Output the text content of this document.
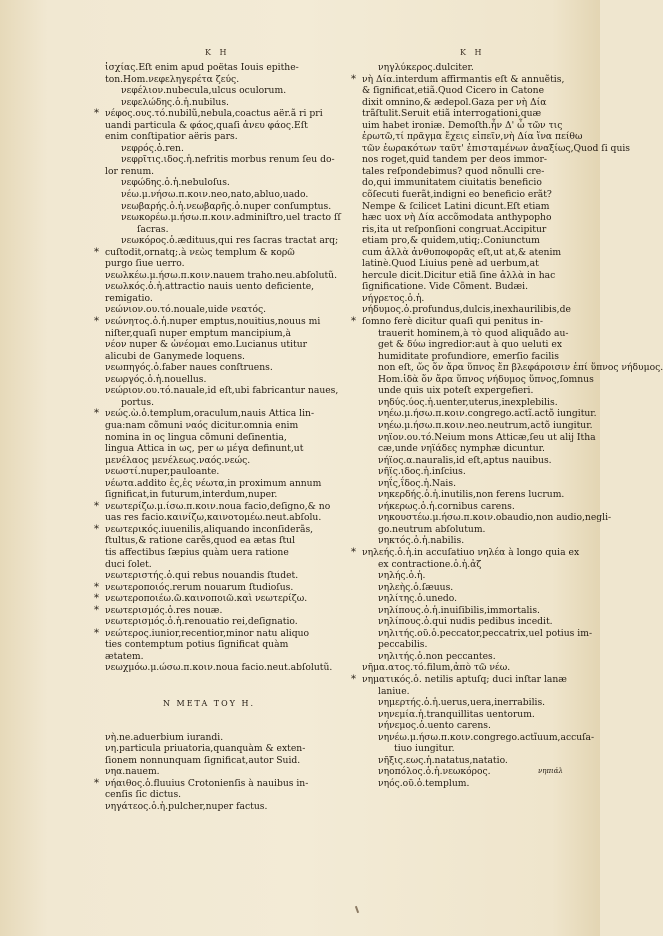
K H	K H
ἰσχίας.Eſt enim apud poëtas Iouis epithe-
ton.Hom.νεφεληγερέτα ζεύς.
νεφέλιον.nubecula,ulcus oculorum.
νεφελώδης.ὁ.ἡ.nubilus.
* νέφος.ους.τό.nubilũ,nebula,coactus aër.ã ri pri
uandi particula & φάος,quaſi ἀνευ φάος.Eſt
enim conſtipatior aëris pars.
νεφρός.ὁ.ren.
νεφρῖτις.ιδος.ἡ.nefritis morbus renum ſeu do-
lor renum.
νεφώδης.ὁ.ἡ.nebuloſus.
νέω.μ.νήσω.π.κοιν.neo,nato,abluo,uado.
νεωβαρής.ὁ.ἡ.νεωβαρῆς.ὁ.nuper conſumptus.
νεωκορέω.μ.ήσω.π.κοιν.adminiſtro,uel tracto ſſ
ſacras.
νεωκόρος.ὁ.ædituus,qui res ſacras tractat arq;
* cuſtodit,ornatq;.à νεὼς templum & κορῶ
purgo ſiue uerro.
νεωλκέω.μ.ήσω.π.κοιν.nauem traho.neu.abſolutũ.
νεωλκός.ὁ.ἡ.attractio nauis uento deficiente,
remigatio.
νεώνιον.ου.τό.nouale,uide νεατός.
* νεώνητος.ὁ.ἡ.nuper emptus,nouitius,nouus mi
niſter,quaſi nuper emptum mancipium,à
νέον nuper & ὠνέομαι emo.Lucianus utitur
alicubi de Ganymede loquens.
νεωπηγός.ὁ.faber naues conſtruens.
νεωργός.ὁ.ἡ.nouellus.
νεώριον.ου.τό.nauale,id eſt,ubi fabricantur naues,
portus.
* νεώς.ὼ.ὁ.templum,oraculum,nauis Attica lin-
gua:nam cõmuni ναός dicitur.omnia enim
nomina in ος lingua cõmuni deſinentia,
lingua Attica in ως, per ω μέγα definunt,ut
μενέλαος μενέλεως.ναός.νεώς.
νεωστί.nuper,pauloante.
νέωτα.addito ἐς,ἐς νέωτα,in proximum annum
ſignificat,in futurum,interdum,nuper.
* νεωτερίζω.μ.ίσω.π.κοιν.noua facio,deſigno,& no
uas res facio.καινίζω,καινοτομέω.neut.abſolu.
* νεωτερικός.iuuenilis,aliquando inconſiderãs,
ſtultus,& ratione carẽs,quod ea ætas ſtul
tis affectibus ſæpius quàm uera ratione
duci ſolet.
νεωτεριστής.ὁ.qui rebus nouandis ſtudet.
* νεωτεροποιός.rerum nouarum ſtudioſus.
* νεωτεροποιέω.ῶ.καινοποιῶ.καὶ νεωτερίζω.
* νεωτερισμός.ὁ.res nouæ.
νεωτερισμός.ὁ.ἡ.renouatio rei,deſignatio.
* νεώτερος.iunior,recentior,minor natu aliquo
ties contemptum potius ſignificat quàm
ætatem.
νεωχμόω.μ.ώσω.π.κοιν.noua facio.neut.abſolutũ.
N META TOY H.
νὴ.ne.aduerbium iurandi.
νη.particula priuatoria,quanquàm & exten-
ſionem nonnunquam ſignificat,autor Suid.
νηα.nauem.
* νήαιθος.ὁ.fluuius Crotonienſis à nauibus in-
cenſis ſic dictus.
νηγάτεος.ὁ.ἡ.pulcher,nuper factus.
νηγλύκερος.dulciter.
* νὴ Δία.interdum affirmantis eſt & annuẽtis,
& ſignificat,etiã.Quod Cicero in Catone
dixit omnino,& ædepol.Gaza per νὴ Δία
trãſtulit.Seruit etiã interrogationi,quæ
uim habet ironiæ. Demoſth.ἦν Δ' ὦ τῶν τις
ἐρωτῶ,τί πρᾶγμα ἔχεις εἰπεῖν,νὴ Δία ἵνα πείθω
τῶν ἐωρακότων ταῦτ' ἐπισταμένων ἀναξίως,Quod ſi quis
nos roget,quid tandem per deos immor-
tales reſpondebimus? quod nõnulli cre-
do,qui immunitatem ciuitatis beneficio
cõſecuti fuerãt,indigni eo beneficio erãt?
Nempe & ſcilicet Latini dicunt.Eſt etiam
hæc uox νὴ Δία accõmodata anthypopho
ris,ita ut reſponſioni congruat.Accipitur
etiam pro,& quidem,utiq;.Coniunctum
cum ἀλλὰ ἀνθυποφορᾶς eſt,ut at,& atenim
latinè.Quod Liuius penè ad uerbum,at
hercule dicit.Dicitur etiã ſine ἀλλὰ in hac
ſignificatione. Vide Cõment. Budæi.
νήγρετος.ὁ.ἡ.
νήδυμος.ὁ.profundus,dulcis,inexhaurilibis,de
* ſomno ferè dicitur quaſi qui penitus in-
trauerit hominem,à τὸ quod aliquãdo au-
get & δύω ingredior:aut à quo ueluti ex
humiditate profundiore, emerſio facilis
non eſt, ὥς ὅν ἄρα ὕπνος ἔπ βλεφάροισιν ἐπί ὕπνος νήδυμος.
Hom.ἰδὰ ὅν ἄρα ὕπνος νήδυμος ὕπνος,ſomnus
unde quis uix poteſt expergefieri.
νηδύς.ύος.ἡ.uenter,uterus,inexplebilis.
νηέω.μ.ήσω.π.κοιν.congrego.actĩ.actõ iungitur.
νηέω.μ.ήσω.π.κοιν.neo.neutrum,actõ iungitur.
νηϊον.ου.τό.Neium mons Atticæ,ſeu ut alij Itha
cæ,unde νηϊάδες nymphæ dicuntur.
νήϊος.α.nauralis,id eſt,aptus nauibus.
νῆϊς.ιδος.ἡ.inſcius.
νηΐς,ΐδος.ἡ.Nais.
νηκερδής.ὁ.ἡ.inutilis,non ferens lucrum.
νήκερως.ὁ.ἡ.cornibus carens.
νηκουστέω.μ.ήσω.π.κοιν.obaudio,non audio,negli-
go.neutrum abſolutum.
νηκτός.ὁ.ἡ.nabilis.
* νηλεής.ὁ.ἡ.in accuſatiuo νηλέα à longo quia ex
ex contractione.ὁ.ἡ.ἀζ
νηλής.ὁ.ἡ.
νηλεὴς.ὁ.ſæuus.
νηλίτης.ὁ.unedo.
νηλίπους.ὁ.ἡ.inuiſibilis,immortalis.
νηλίπους.ὁ.qui nudis pedibus incedit.
νηλιτής.οῦ.ὁ.peccator,peccatrix,uel potius im-
peccabilis.
νηλιτής.ὁ.non peccantes.
νῆμα.ατος.τό.filum,ἀπὸ τῶ νέω.
* νηματικός.ὁ. netilis aptuſq; duci inſtar lanæ
laniue.
νημερτής.ὁ.ἡ.uerus,uera,inerrabilis.
νηνεμία.ἡ.tranquillitas uentorum.
νήνεμος.ὁ.uento carens.
νηνέω.μ.ήσω.π.κοιν.congrego.actĩuum,accuſa-
tiuo iungitur.
νῆξις.εως.ἡ.natatus,natatio.
νηοπόλος.ὁ.ἡ.νεωκόρος.
νηός.οῦ.ὁ.templum.
νηπιάλ
